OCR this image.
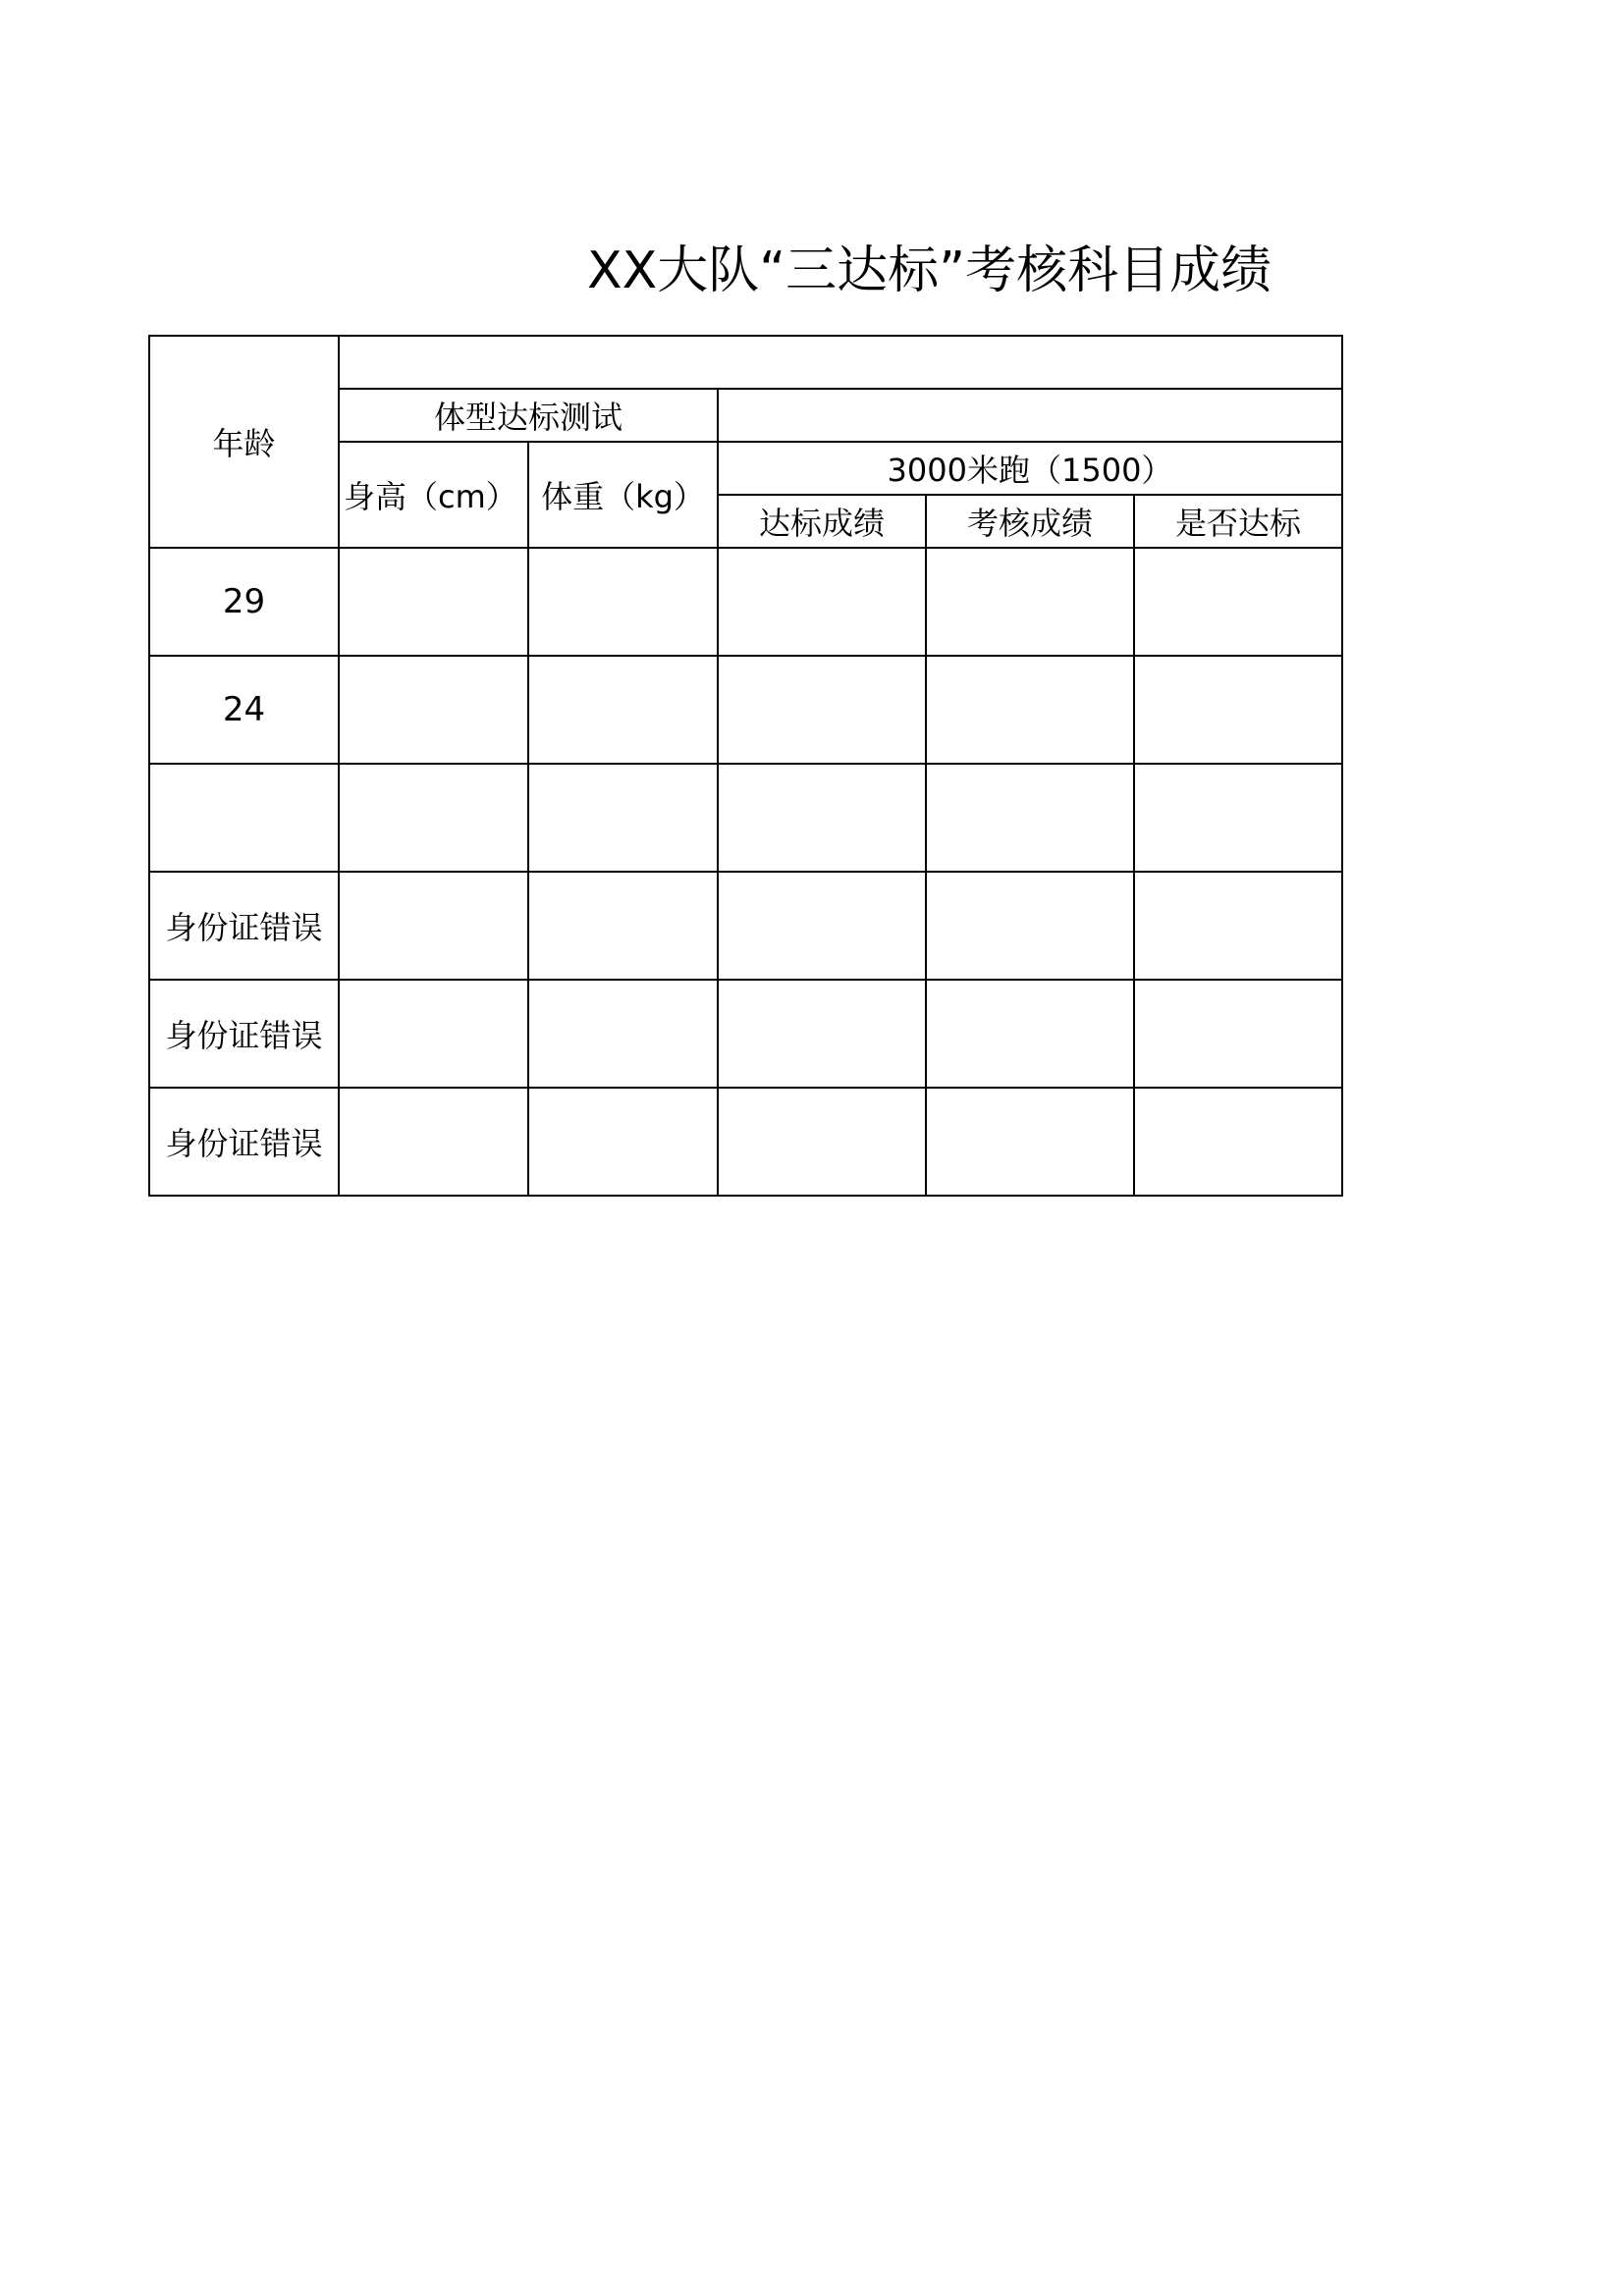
XX大队“三达标”考核科目成绩
年龄					
	体型达标测试				
	身高（cm）	体重（kg）	3000米跑（1500）		
			达标成绩	考核成绩	是否达标
29					
24					

身份证错误					
身份证错误					
身份证错误					
